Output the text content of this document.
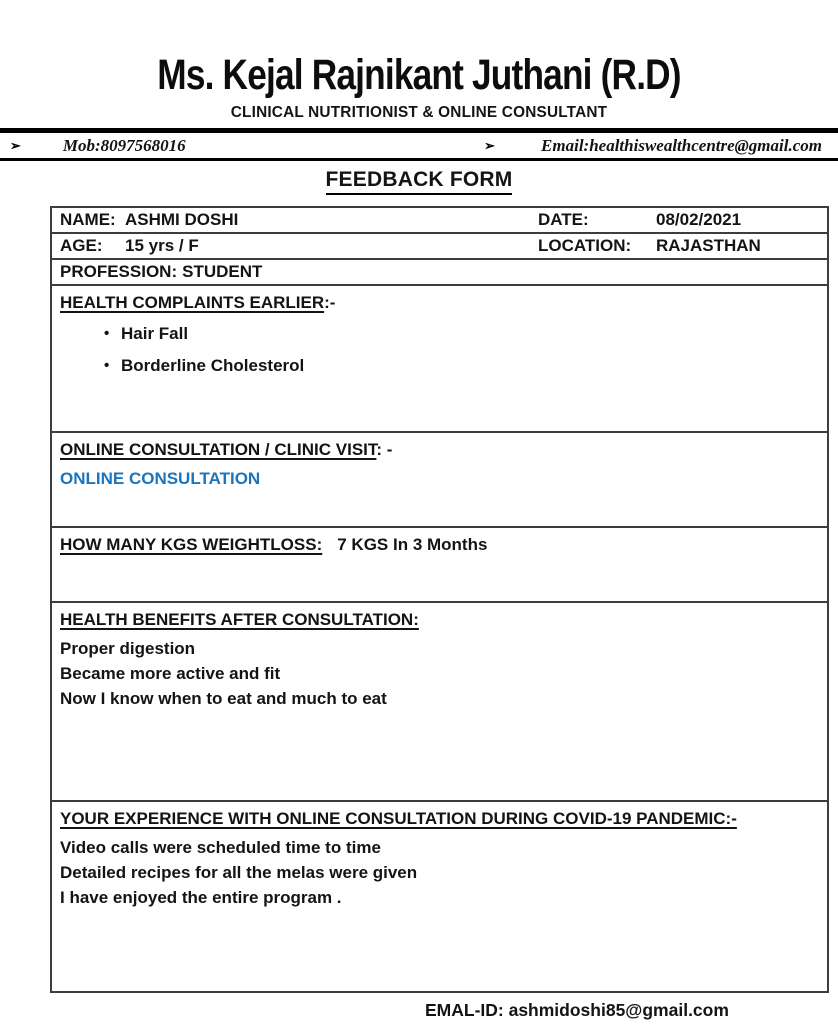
Ms. Kejal Rajnikant Juthani (R.D)
CLINICAL NUTRITIONIST & ONLINE CONSULTANT
➢ Mob:8097568016	➢	Email:healthiswealthcentre@gmail.com
FEEDBACK FORM
NAME: ASHMI DOSHI	DATE:	08/02/2021
AGE: 15 yrs / F	LOCATION: RAJASTHAN
PROFESSION: STUDENT
HEALTH COMPLAINTS EARLIER:-
• Hair Fall
• Borderline Cholesterol
ONLINE CONSULTATION / CLINIC VISIT: -
ONLINE CONSULTATION
HOW MANY KGS WEIGHTLOSS: 7 KGS In 3 Months
HEALTH BENEFITS AFTER CONSULTATION:
Proper digestion
Became more active and fit
Now I know when to eat and much to eat
YOUR EXPERIENCE WITH ONLINE CONSULTATION DURING COVID-19 PANDEMIC:-
Video calls were scheduled time to time
Detailed recipes for all the melas were given
I have enjoyed the entire program .
EMAL-ID: ashmidoshi85@gmail.com
